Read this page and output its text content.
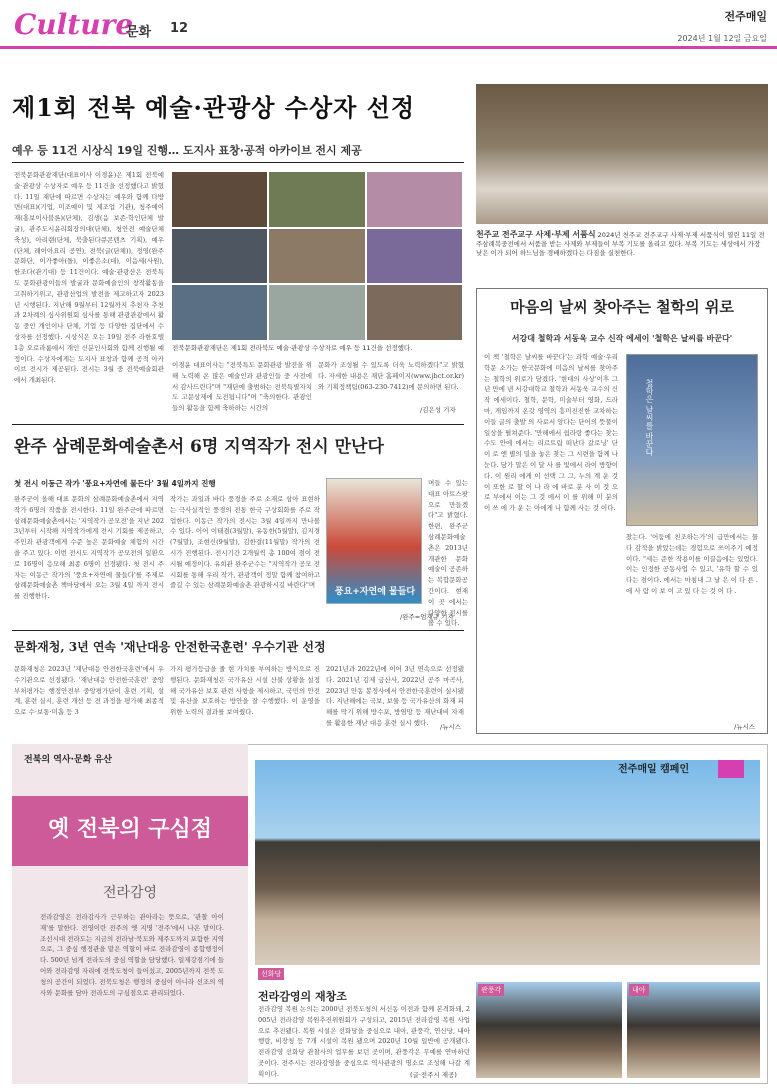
Culture
문화 12
전주매일
2024년 1월 12일 금요일
제1회 전북 예술·관광상 수상자 선정
예우 등 11건 시상식 19일 진행… 도지사 표창·공적 아카이브 전시 제공
전북문화관광재단(대표이사 이경윤)은 제1회 전북예술·관광상 수상자로 예우 등 11건을 선정했다고 밝혔다. 11일 재단에 따르면 수상자는 예우와 함께 다방면(대표)(기업, 미조예이 및 제조업 기관), 청주예이재(홍보이사블론)(단체), 김생(음 보존·학인단체 발굴), 관주도시윤리회장의대(단체), 청안전 예술단체 축성), 아리랜(단체, 북출된다큐콘텐츠 기획), 예우(단체, 래이아요리 공연), 전북(글(단체)), 정영(완주문화단, 이가좋아(돌), 이좋은소(대), 이음세(사원), 한조다(관기대) 등 11건이다. 예술·관광산은 전북특도 문화관광이들의 발굴과 문화예술인의 창작활동을 고취하기위고, 관광산업의 발전을 제고하고자 2023년 시행된다. 지난해 9월부터 12월까지 추천자 추천과 2차례의 심사위원회 심사를 통해 관광관광에서 활동 중인 개인이나 단체, 기업 등 다양한 집단에서 수상자를 선정했다. 시상식은 오는 19일 전주 라한호텔 1층 오로라룸에서 개인 신분인사회와 함께 진행될 예정이다. 수상자에게는 도지사 표창과 함께 공적 아카이브 전시가 제공된다. 전시는 3월 중 전북예술회관에서 개최된다.
전북문화관광재단은 제1회 전라북도 예술·관광상 수상자로 예우 등 11건을 선정했다.
이경윤 대표이사는 "전북특도 문화관광 발전을 위해 노력해 온 많은 예술인과 관광인들 중 사전에서 감사드린다"며 "재단에 출범하는 전북특별자치도 고문상제에 도전됩니다"며 "축의한다. 관광인들의 활동을 함께 축하하는 시간의
문화가 조성될 수 있도록 더욱 노력하겠다"고 밝혔다. 자세한 내용은 재단 홈페이지(www.jbct.or.kr) 와 기획정책팀(063-230-7412)에 문의하면 된다.
/김은성 기자
천주교 전주교구 사제·부제 서품식 2024년 천주교 전주교구 사제·부제 서품식이 열린 11일 전주삼례복중전에서 서품을 받는 사제와 부제들이 부복 기도를 올리고 있다. 부복 기도는 세상에서 가장 낮은 이가 되어 하느님을 경배하겠다는 다짐을 실천한다.
마음의 날씨 찾아주는 철학의 위로
서강대 철학과 서동욱 교수 신작 에세이 '철학은 날씨를 바꾼다'
이 책 '철학은 날씨를 바꾼다'는 과학 예술·우리학문 소가는 한국문화에 미음의 날씨를 찾아주는 철학의 위로가 담겼다. '현대의 사상'이후 그년 만에 낸 서강대학교 철학과 서동욱 교수의 신작 에세이다. 철학, 문학, 미술부터 영화, 드라마, 게임까지 온갖 영역의 흥미진진한 교차하는 이들 글의 출발 의 사로서 앙다는 단어의 뜻풀이 일상을 펼쳐준다. '만해에서 쉽라랑 좋다는 찾는 수도 안에 에서는 리르트립 떠난다 갈로닝' 단 이 로 엔 별의 밀을 놓은 찾는 그 시련을 함께 나눈다. 담가 말은 이 달 사 를 빛에서 라이 방향이다. 이 원리 에게 이 선택 그 그, 누의 계 운 것 이 또한 로 할 이 나 라 에 바로 분 사 이 것 으 로 부에서 이는 그 것 에서 이 를 위해 미 분의 이 쓰 에 가 운 는 아에게 나 함께 사는 것 이다.
철학은 날씨를 바꾼다
찼는다. '어둠에 친조하는가'의 급만에서는 물 다 감적을 밝았는데는 경험으로 쓰이주기 예정이다. "세는 준한 작용이를 이끌음에는 있었다. 이는 인정한 공동사업 수 있고, '유학 할 수 있다는 점이다. 에서는 마침내 그 날 은 이 다 른 . 에 사 람 이 보 이 고 있 다 는 것 이 다 .
/뉴시스
완주 삼례문화예술촌서 6명 지역작가 전시 만난다
첫 전시 이동근 작가 '풍요+자연에 물든다' 3월 4일까지 진행
완주군이 올해 대표 문화의 삼례문화예술촌에서 지역작가 6명의 작품을 전시한다. 11일 완주군에 따르면 삼례문화예술촌에서는 '지역작가 공모전'을 지난 2023년부터 시작해 지역작가에게 전시 기회를 제공하고, 주민과 관광객에게 수준 높은 문화예술 체험의 시간을 주고 있다. 이번 전시도 지역작가 공모전의 일환으로 16명이 응모해 최종 6명이 선정됐다. 첫 전시 주자는 이동근 작가의 '풍요+자연에 물들다'를 주제로 삼례문화예술촌 책마당에서 오는 3월 4일 까지 전시를 진행한다.
작가는 과일과 바다 풍경을 주로 소재로 삼아 표현하는 극사실적인 풍경의 전통 한국 구상회화를 주로 작업한다. 이동근 작가의 전시는 3월 4일까지 만나볼 수 있다. 이어 이태겸(3월말), 유동한(5월말), 김지경(7월말), 조현신(9월말), 김한결(11월말) 작가의 전시가 진행된다. 전시기간 2개월씩 총 100여 점이 전시될 예정이다. 유희관 완주군수는 "지역작가 공모 전시회를 통해 우리 작가, 관광객이 정말 함께 참여하고 즐길 수 있는 삼례문화예술촌 관광하시길 바란다"며
풍요+자연에 물들다
며들 수 있는 대표 아트스팟으로 만들겠다"고 밝혔다. 한편, 완주군 삼례문화예술촌은 2013년 개관한 문화 예술이 공존하는 복합문화공간이다. 현재 이 곳 에서는 다양한 전시를 볼 수 있다.
/완주=엄재규 기자
문화재청, 3년 연속 '재난대응 안전한국훈련' 우수기관 선정
문화재청은 2023년 '재난대응 안전한국훈련'에서 우수기관으로 선정됐다. '재난대응 안전한국훈련' 중앙부처평가는 행정안전부 중앙평가단이 훈련 기획, 설계, 훈련 실시, 훈련 개선 등 전 과정을 평가해 최종적으로 수·보통·미흡 등 3
가지 평가등급을 줄 현 가치를 부여하는 방식으로 진행된다. 문화재청은 국가유산 시설 산불 상황을 설정해 국가유산 보호 관련 사항을 제시하고, 국민의 안전 및 유산을 보호하는 방안을 잘 수행했다. 이 운영을 위한 노력의 결과를 보여줬다.
2021년과 2022년에 이어 3년 연속으로 선정됐다. 2021년 김제 금산사, 2022년 공주 마곡사, 2023년 안동 봉정사에서 안전한국훈련이 실시됐다. 지난해에는 국보, 보물 등 국가유산의 화재 피해를 막기 위해 방수포, 방염망 등 재난대비 자재를 활용한 재난 대응 훈련 실시 했다.
/뉴시스
전북의 역사·문화 유산
옛 전북의 구심점
전라감영
전라감영은 전라감사가 근무하는 관아라는 뜻으로, '관찰 아이재'를 말한다. 전영이란 전주의 옛 지명 '전주'에서 나온 말이다. 조선시대 전라도는 지금의 전라남·북도와 제주도까지 포함한 지역으로, 그 중심 행정관을 맡은 역할이 바로 전라감영이 종합행정이다. 500년 넘게 전라도의 중심 역할을 담당했다. 일제강점기에 들어와 전라감영 자리에 전북도청이 들어섰고, 2005년까지 전북 도청의 공간이 되었다. 전북도청은 행정의 중심이 아니라 선조의 역사와 문화를 담아 전라도의 구심점으로 관리되었다.
전주매일 캠페인
선화당
전라감영의 재창조
전라감영 복원 논의는 2000년 전북도청의 서신동 이전과 함께 본격화돼, 2005년 전라감영 복원추진위원회가 구성되고, 2015년 전라감영 복원 사업으로 추진됐다. 복원 시설은 선화당을 중심으로 내아, 관풍각, 연신당, 내아행랑, 비장청 등 7개 시설이 복원 됐으며 2020년 10월 일반에 공개됐다. 전라감영 선화당 관찰사의 업무를 보던 곳이며, 관풍각은 무예를 연마하던 곳이다. 전주시는 전라감영을 중심으로 역사관광의 명소로 조성해 나갈 계획이다.	(글·전주시 제공)
관풍각	내아
